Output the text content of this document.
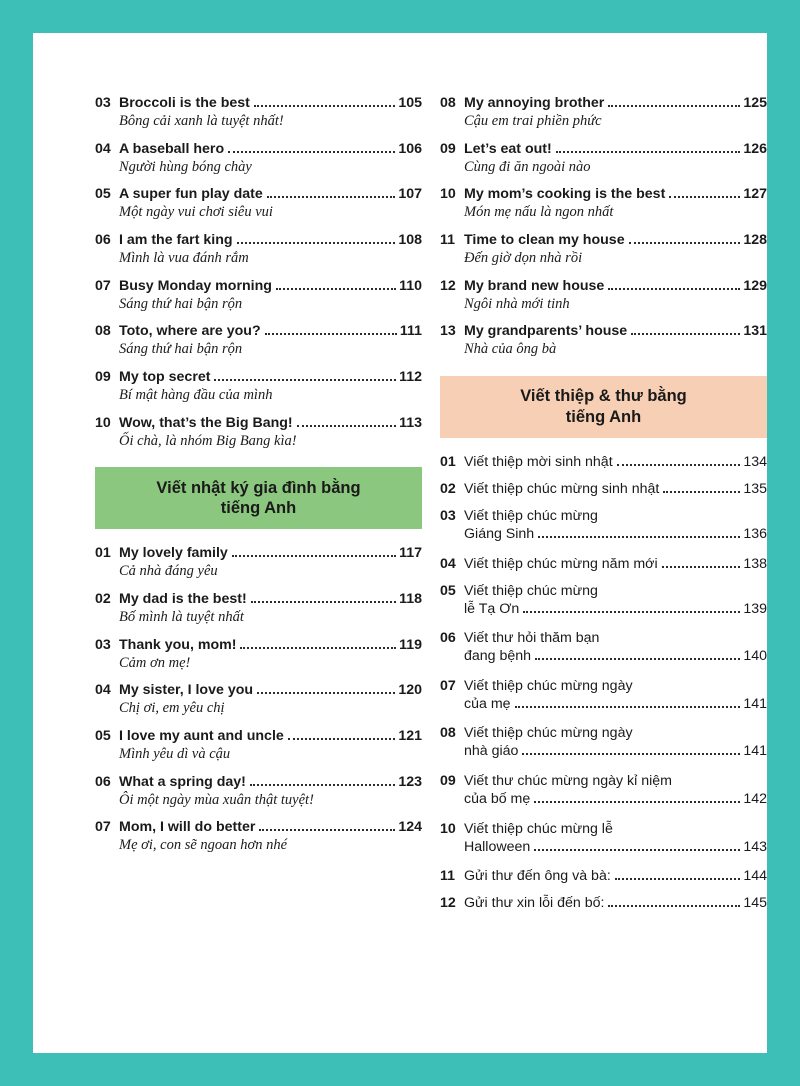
03 Broccoli is the best	105
Bông cải xanh là tuyệt nhất!
04 A baseball hero	106
Người hùng bóng chày
05 A super fun play date	107
Một ngày vui chơi siêu vui
06 I am the fart king	108
Mình là vua đánh rắm
07 Busy Monday morning	110
Sáng thứ hai bận rộn
08 Toto, where are you?	111
Sáng thứ hai bận rộn
09 My top secret	112
Bí mật hàng đầu của mình
10 Wow, that’s the Big Bang!	113
Ối chà, là nhóm Big Bang kìa!
Viết nhật ký gia đình bằng
tiếng Anh
01 My lovely family	117
Cả nhà đáng yêu
02 My dad is the best!	118
Bố mình là tuyệt nhất
03 Thank you, mom!	119
Cảm ơn mẹ!
04 My sister, I love you	120
Chị ơi, em yêu chị
05 I love my aunt and uncle	121
Mình yêu dì và cậu
06 What a spring day!	123
Ôi một ngày mùa xuân thật tuyệt!
07 Mom, I will do better	124
Mẹ ơi, con sẽ ngoan hơn nhé
08 My annoying brother	125
Cậu em trai phiền phức
09 Let’s eat out!	126
Cùng đi ăn ngoài nào
10 My mom’s cooking is the best	127
Món mẹ nấu là ngon nhất
11 Time to clean my house	128
Đến giờ dọn nhà rồi
12 My brand new house	129
Ngôi nhà mới tinh
13 My grandparents’ house	131
Nhà của ông bà
Viết thiệp & thư bằng
tiếng Anh
01 Viết thiệp mời sinh nhật	134
02 Viết thiệp chúc mừng sinh nhật	135
03 Viết thiệp chúc mừng
Giáng Sinh	136
04 Viết thiệp chúc mừng năm mới	138
05 Viết thiệp chúc mừng
lễ Tạ Ơn	139
06 Viết thư hỏi thăm bạn
đang bệnh	140
07 Viết thiệp chúc mừng ngày
của mẹ	141
08 Viết thiệp chúc mừng ngày
nhà giáo	141
09 Viết thư chúc mừng ngày kỉ niệm
của bố mẹ	142
10 Viết thiệp chúc mừng lễ
Halloween	143
11 Gửi thư đến ông và bà:	144
12 Gửi thư xin lỗi đến bố:	145
